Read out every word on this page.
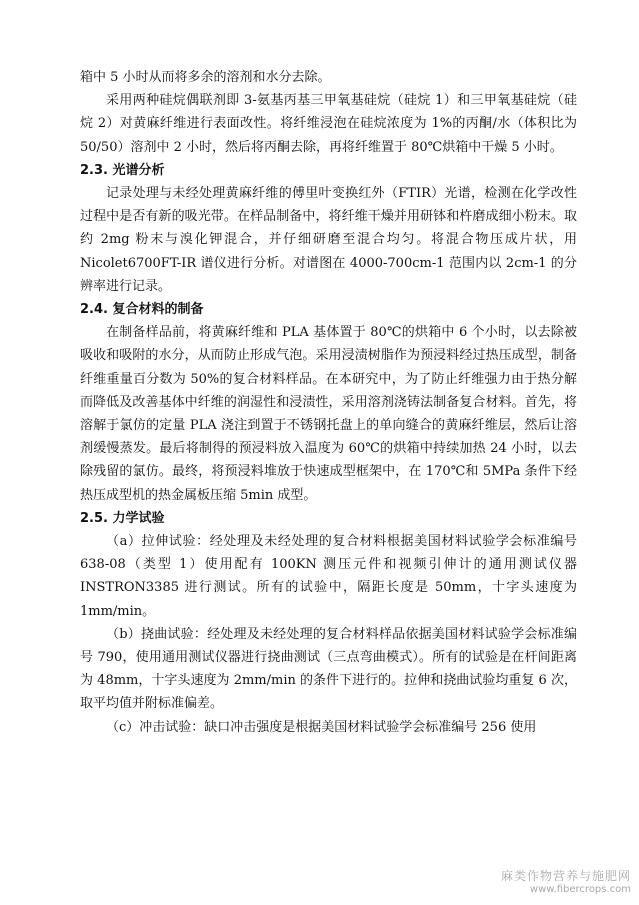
箱中 5 小时从而将多余的溶剂和水分去除。

采用两种硅烷偶联剂即 3-氨基丙基三甲氧基硅烷（硅烷 1）和三甲氧基硅烷（硅烷 2）对黄麻纤维进行表面改性。将纤维浸泡在硅烷浓度为 1%的丙酮/水（体积比为 50/50）溶剂中 2 小时，然后将丙酮去除，再将纤维置于 80℃烘箱中干燥 5 小时。

2.3. 光谱分析

记录处理与未经处理黄麻纤维的傅里叶变换红外（FTIR）光谱，检测在化学改性过程中是否有新的吸光带。在样品制备中，将纤维干燥并用研钵和杵磨成细小粉末。取约 2mg 粉末与溴化钾混合，并仔细研磨至混合均匀。将混合物压成片状，用 Nicolet6700FT-IR 谱仪进行分析。对谱图在 4000-700cm-1 范围内以 2cm-1 的分辨率进行记录。

2.4. 复合材料的制备

在制备样品前，将黄麻纤维和 PLA 基体置于 80℃的烘箱中 6 个小时，以去除被吸收和吸附的水分，从而防止形成气泡。采用浸渍树脂作为预浸料经过热压成型，制备纤维重量百分数为 50%的复合材料样品。在本研究中，为了防止纤维强力由于热分解而降低及改善基体中纤维的润湿性和浸渍性，采用溶剂浇铸法制备复合材料。首先，将溶解于氯仿的定量 PLA 浇注到置于不锈钢托盘上的单向缝合的黄麻纤维层，然后让溶剂缓慢蒸发。最后将制得的预浸料放入温度为 60℃的烘箱中持续加热 24 小时，以去除残留的氯仿。最终，将预浸料堆放于快速成型框架中，在 170℃和 5MPa 条件下经热压成型机的热金属板压缩 5min 成型。

2.5. 力学试验

（a）拉伸试验：经处理及未经处理的复合材料根据美国材料试验学会标准编号 638-08（类型 1）使用配有 100KN 测压元件和视频引伸计的通用测试仪器 INSTRON3385 进行测试。所有的试验中，隔距长度是 50mm，十字头速度为 1mm/min。

（b）挠曲试验：经处理及未经处理的复合材料样品依据美国材料试验学会标准编号 790，使用通用测试仪器进行挠曲测试（三点弯曲模式）。所有的试验是在杆间距离为 48mm，十字头速度为 2mm/min 的条件下进行的。拉伸和挠曲试验均重复 6 次，取平均值并附标准偏差。

（c）冲击试验：缺口冲击强度是根据美国材料试验学会标准编号 256 使用

麻类作物营养与施肥网
www.fibercrops.com
